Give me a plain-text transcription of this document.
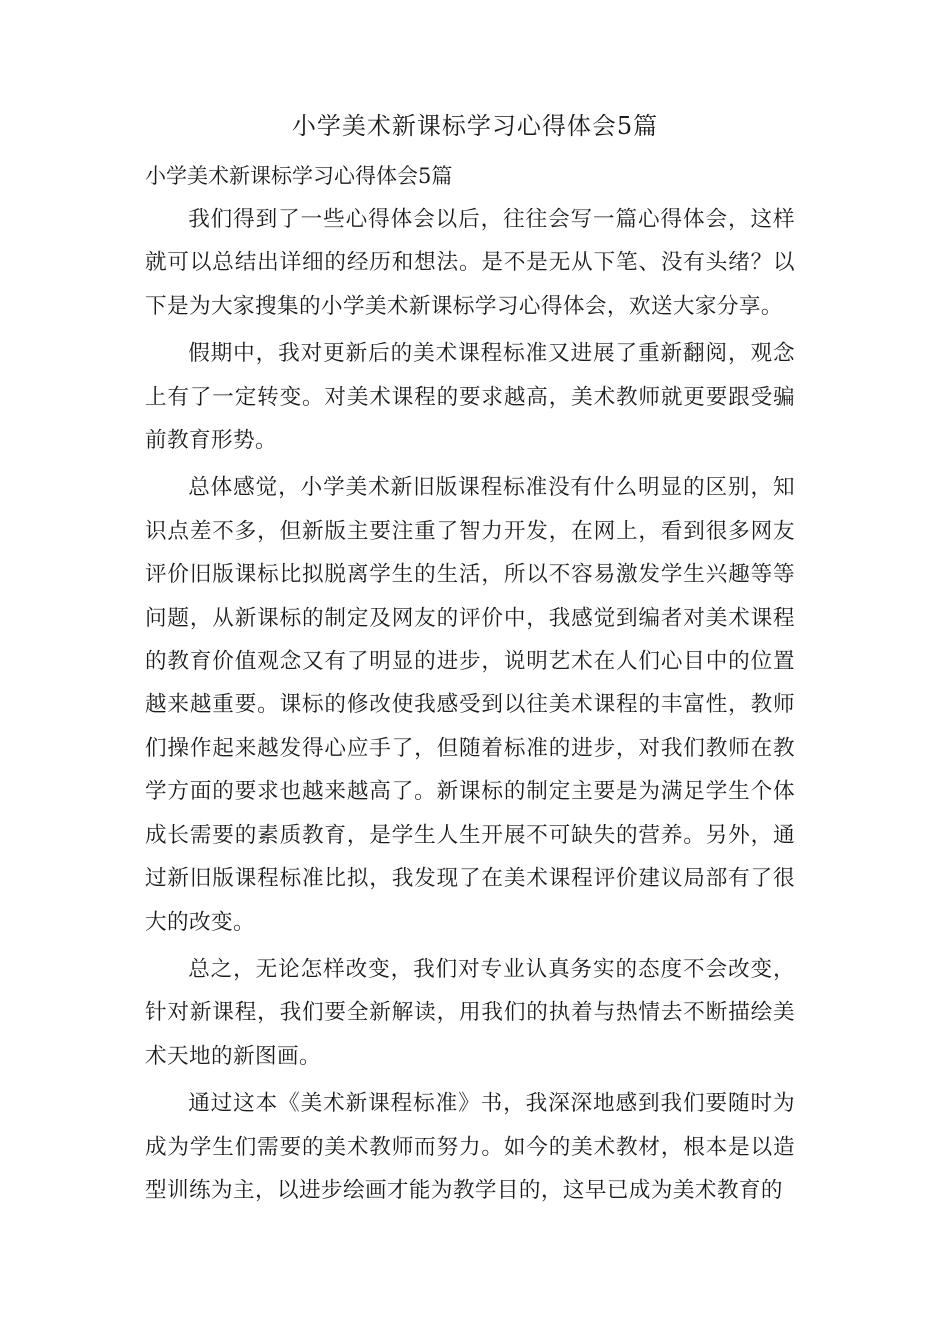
小学美术新课标学习心得体会5篇

小学美术新课标学习心得体会5篇

我们得到了一些心得体会以后，往往会写一篇心得体会，这样就可以总结出详细的经历和想法。是不是无从下笔、没有头绪？以下是为大家搜集的小学美术新课标学习心得体会，欢送大家分享。

假期中，我对更新后的美术课程标准又进展了重新翻阅，观念上有了一定转变。对美术课程的要求越高，美术教师就更要跟受骗前教育形势。

总体感觉，小学美术新旧版课程标准没有什么明显的区别，知识点差不多，但新版主要注重了智力开发，在网上，看到很多网友评价旧版课标比拟脱离学生的生活，所以不容易激发学生兴趣等等问题，从新课标的制定及网友的评价中，我感觉到编者对美术课程的教育价值观念又有了明显的进步，说明艺术在人们心目中的位置越来越重要。课标的修改使我感受到以往美术课程的丰富性，教师们操作起来越发得心应手了，但随着标准的进步，对我们教师在教学方面的要求也越来越高了。新课标的制定主要是为满足学生个体成长需要的素质教育，是学生人生开展不可缺失的营养。另外，通过新旧版课程标准比拟，我发现了在美术课程评价建议局部有了很大的改变。

总之，无论怎样改变，我们对专业认真务实的态度不会改变，针对新课程，我们要全新解读，用我们的执着与热情去不断描绘美术天地的新图画。

通过这本《美术新课程标准》书，我深深地感到我们要随时为成为学生们需要的美术教师而努力。如今的美术教材，根本是以造型训练为主，以进步绘画才能为教学目的，这早已成为美术教育的
